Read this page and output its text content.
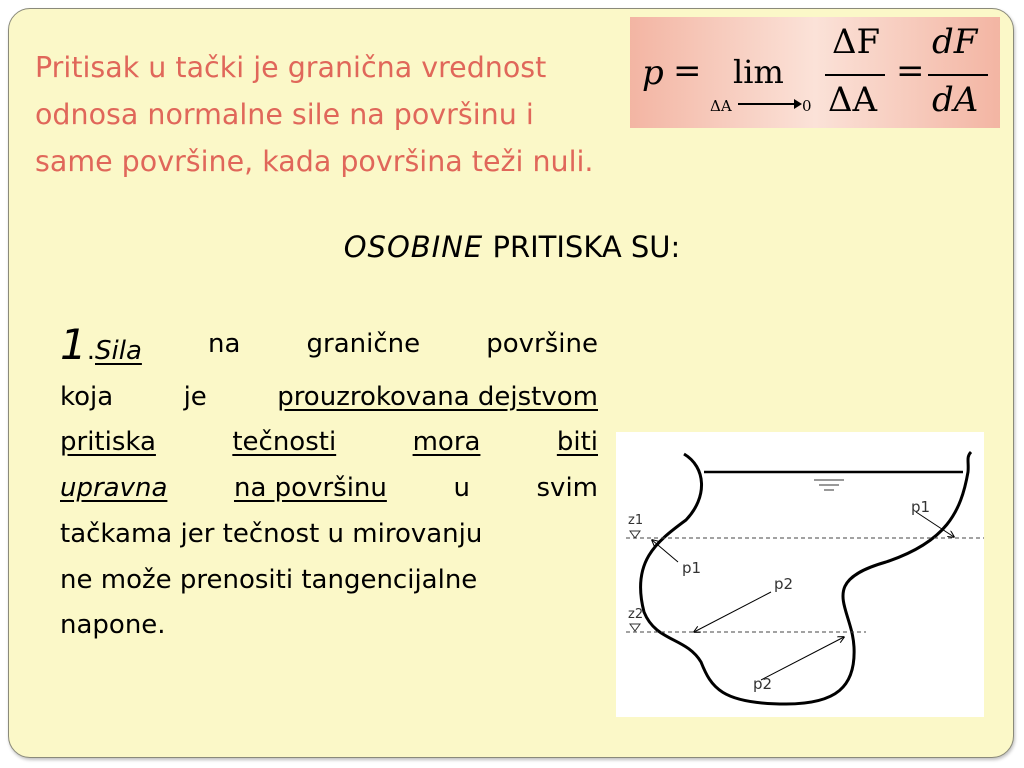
Pritisak u tački je granična vrednost
odnosa normalne sile na površinu i
same površine, kada površina teži nuli.
p = lim
ΔA	0
ΔF
ΔA
=
dF
dA
OSOBINE PRITISKA SU:
1.Sila	na	granične	površine
koja	je	prouzrokovana dejstvom
pritiska	tečnosti	mora	biti
upravna	na površinu	u	svim
tačkama jer tečnost u mirovanju
ne može prenositi tangencijalne
napone.
z1
z2
p1
p1
p2
p2
